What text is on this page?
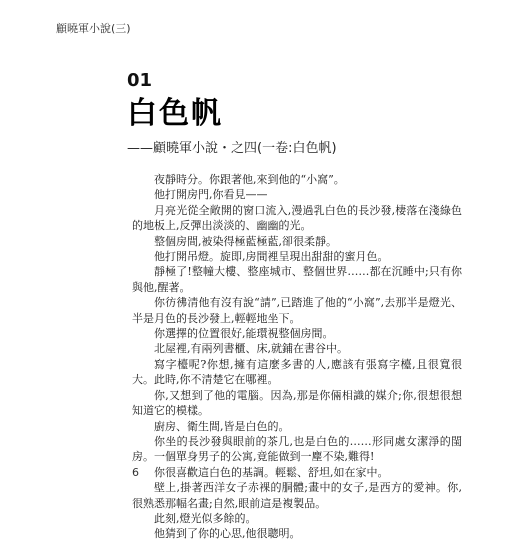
顧曉軍小說(三)
01
白色帆
——顧曉軍小說・之四(一卷:白色帆)

夜靜時分。你跟著他,來到他的“小窩”。

他打開房門,你看見——

月亮光從全敞開的窗口流入,漫過乳白色的長沙發,棲落在淺綠色的地板上,反彈出淡淡的、幽幽的光。

整個房間,被染得極藍極藍,卻很柔靜。

他打開吊燈。旋即,房間裡呈現出甜甜的蜜月色。

靜極了!整幢大樓、整座城市、整個世界……都在沉睡中;只有你與他,醒著。

你彷彿清他有沒有說“請”,已踏進了他的“小窩”,去那半是燈光、半是月色的長沙發上,輕輕地坐下。

你選擇的位置很好,能環視整個房間。

北屋裡,有兩列書櫃、床,就鋪在書谷中。

寫字檯呢?你想,擁有這麼多書的人,應該有張寫字檯,且很寬很大。此時,你不清楚它在哪裡。

你,又想到了他的電腦。因為,那是你倆相識的媒介;你,很想很想知道它的模樣。

廚房、衛生間,皆是白色的。

你坐的長沙發與眼前的茶几,也是白色的……形同處女潔淨的閨房。一個單身男子的公寓,竟能做到一塵不染,難得!

你很喜歡這白色的基調。輕鬆、舒坦,如在家中。

壁上,掛著西洋女子赤裸的胴體;畫中的女子,是西方的愛神。你,很熟悉那幅名畫;自然,眼前這是複製品。

此刻,燈光似多餘的。

他猜到了你的心思,他很聰明。

6
